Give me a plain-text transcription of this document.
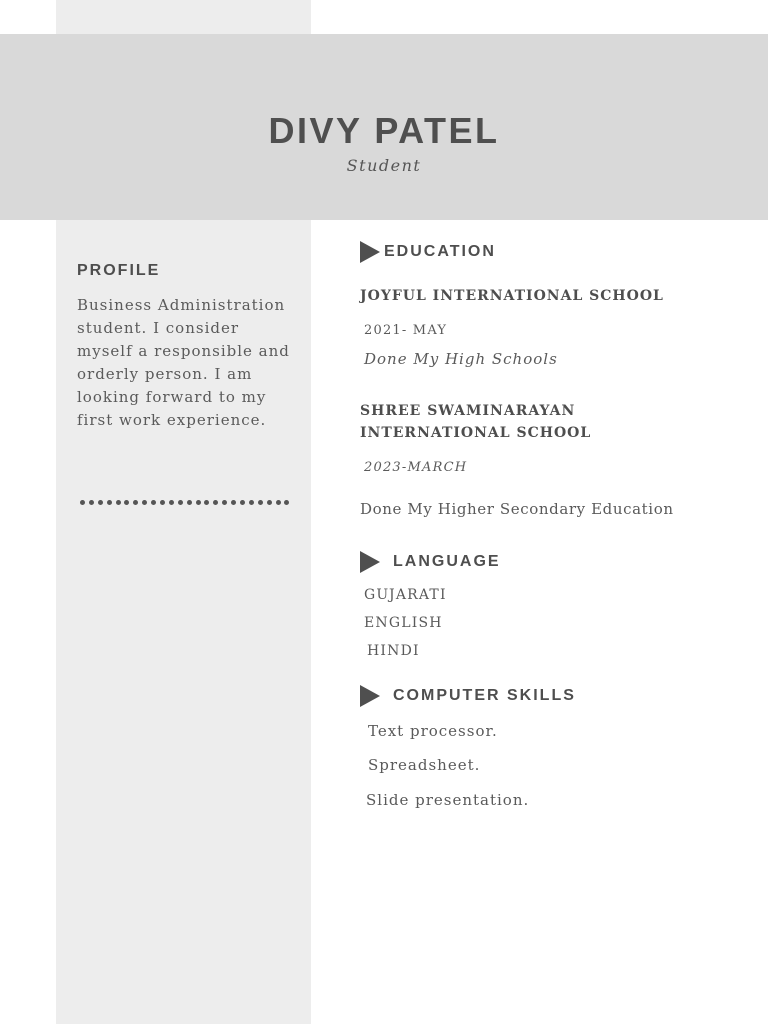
DIVY PATEL
Student
PROFILE

Business Administration student. I consider myself a responsible and orderly person. I am looking forward to my first work experience.

EDUCATION
JOYFUL INTERNATIONAL SCHOOL
2021- MAY
Done My High Schools
SHREE SWAMINARAYAN
INTERNATIONAL SCHOOL
2023-MARCH
Done My Higher Secondary Education
LANGUAGE
GUJARATI
ENGLISH
HINDI
COMPUTER SKILLS
Text processor.
Spreadsheet.
Slide presentation.
